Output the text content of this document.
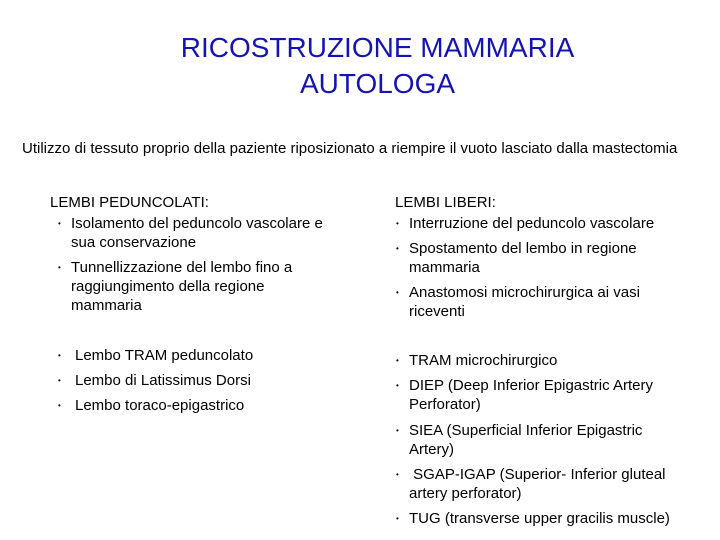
RICOSTRUZIONE MAMMARIA
AUTOLOGA
Utilizzo di tessuto proprio della paziente riposizionato a riempire il vuoto lasciato dalla mastectomia
LEMBI PEDUNCOLATI:
• Isolamento del peduncolo vascolare e sua conservazione
• Tunnellizzazione del lembo fino a raggiungimento della regione mammaria
• Lembo TRAM peduncolato
• Lembo di Latissimus Dorsi
• Lembo toraco-epigastrico
LEMBI LIBERI:
• Interruzione del peduncolo vascolare
• Spostamento del lembo in regione mammaria
• Anastomosi microchirurgica ai vasi riceventi
• TRAM microchirurgico
• DIEP (Deep Inferior Epigastric Artery Perforator)
• SIEA (Superficial Inferior Epigastric Artery)
• SGAP-IGAP (Superior- Inferior gluteal artery perforator)
• TUG (transverse upper gracilis muscle)
